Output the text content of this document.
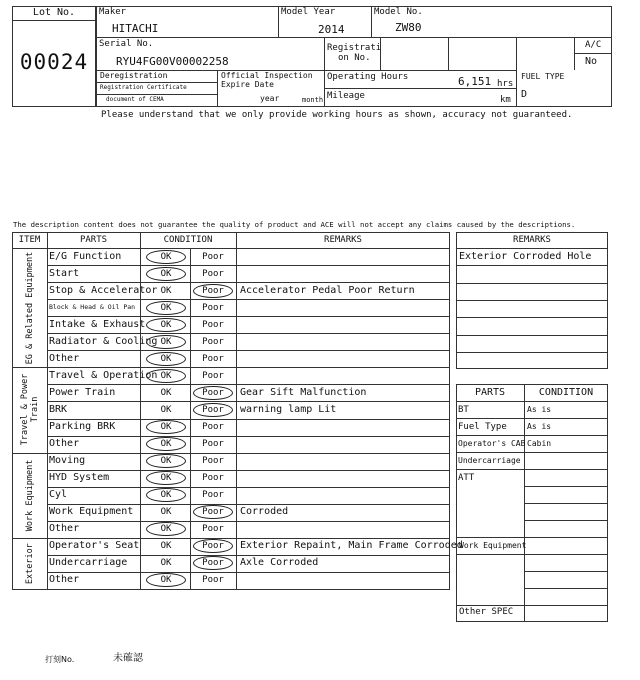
Lot No.
00024
Maker
HITACHI
Model Year
2014
Model No.
ZW80
Serial No.
RYU4FG00V00002258
Registrati
on No.
A/C
No
Deregistration
Registration Certificate
document of CEMA
Official Inspection
Expire Date
year	month
Operating Hours	6,151 hrs
Mileage	km
FUEL TYPE
D
Please understand that we only provide working hours as shown, accuracy not guaranteed.
The description content does not guarantee the quality of product and ACE will not accept any claims caused by the descriptions.
ITEM	PARTS	CONDITION	REMARKS
E/G Function	OK	Poor
Start	OK	Poor
Stop & Accelerator OK	Poor	Accelerator Pedal Poor Return
Block & Head & Oil Pan	OK	Poor
Intake & Exhaust	OK	Poor
Radiator & Cooling OK	Poor
Other	OK	Poor
EG & Related Equipment
Travel & Operation OK	Poor
Power Train	OK	Poor	Gear Sift Malfunction
BRK	OK	Poor	warning lamp Lit
Parking BRK	OK	Poor
Other	OK	Poor
Travel & Power Train
Moving	OK	Poor
HYD System	OK	Poor
Cyl	OK	Poor
Work Equipment	OK	Poor	Corroded
Other	OK	Poor
Work Equipment
Operator's Seat	OK	Poor	Exterior Repaint, Main Frame Corroded
Undercarriage	OK	Poor	Axle Corroded
Other	OK	Poor
Exterior
REMARKS
Exterior Corroded Hole
PARTS	CONDITION
BT	As is
Fuel Type	As is
Operator's CAB Cabin
Undercarriage
ATT
Work Equipment
Other SPEC
打刻No.	未確認
